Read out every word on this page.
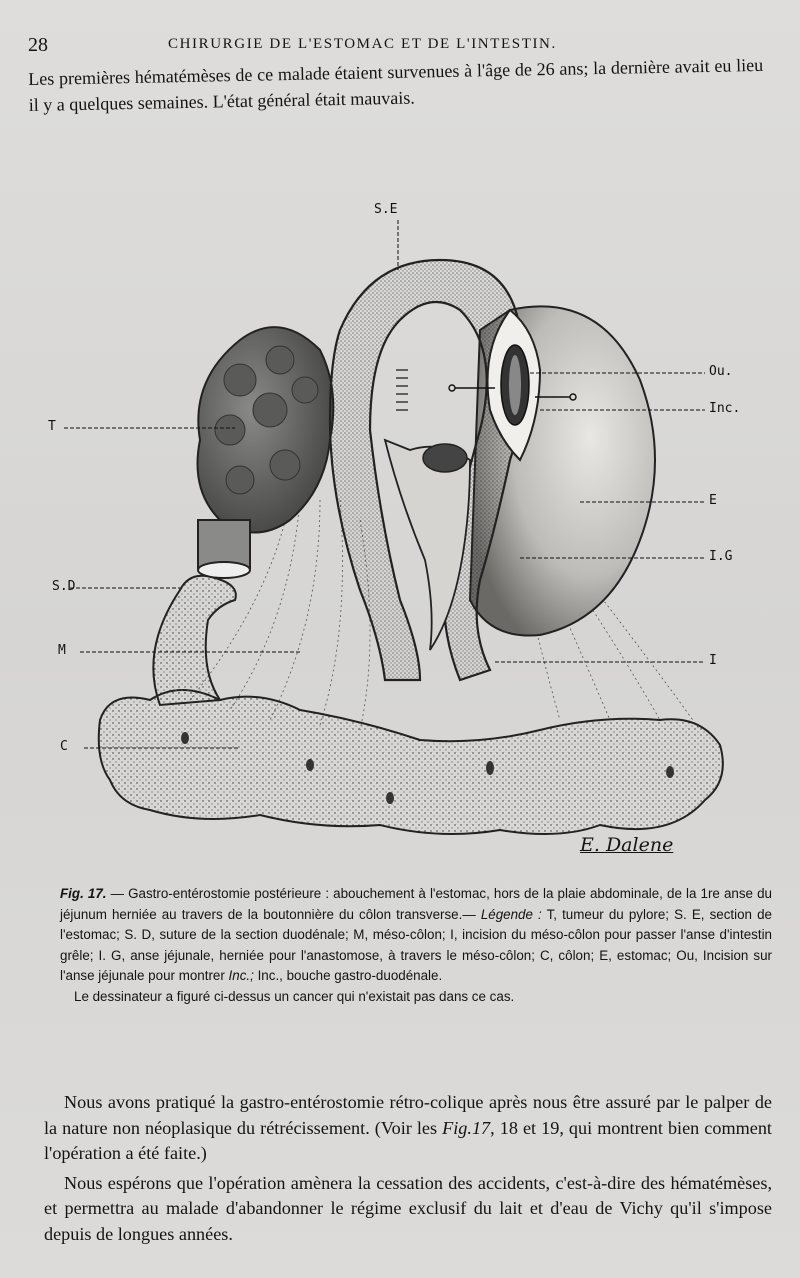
28	CHIRURGIE DE L'ESTOMAC ET DE L'INTESTIN.
Les premières hématémèses de ce malade étaient survenues à l'âge de 26 ans; la dernière avait eu lieu il y a quelques semaines. L'état général était mauvais.
S.E
T
S.D
M
C
Ou.
Inc.
E
I.G
I
E. Dalene
Fig. 17. — Gastro-entérostomie postérieure : abouchement à l'estomac, hors de la plaie abdominale, de la 1re anse du jéjunum herniée au travers de la boutonnière du côlon transverse.— Légende : T, tumeur du pylore; S. E, section de l'estomac; S. D, suture de la section duodénale; M, méso-côlon; I, incision du méso-côlon pour passer l'anse d'intestin grêle; I. G, anse jéjunale, herniée pour l'anastomose, à travers le méso-côlon; C, côlon; E, estomac; Ou, Incision sur l'anse jéjunale pour montrer Inc.; Inc., bouche gastro-duodénale.
Le dessinateur a figuré ci-dessus un cancer qui n'existait pas dans ce cas.

Nous avons pratiqué la gastro-entérostomie rétro-colique après nous être assuré par le palper de la nature non néoplasique du rétrécissement. (Voir les Fig.17, 18 et 19, qui montrent bien comment l'opération a été faite.)

Nous espérons que l'opération amènera la cessation des accidents, c'est-à-dire des hématémèses, et permettra au malade d'abandonner le régime exclusif du lait et d'eau de Vichy qu'il s'impose depuis de longues années.
